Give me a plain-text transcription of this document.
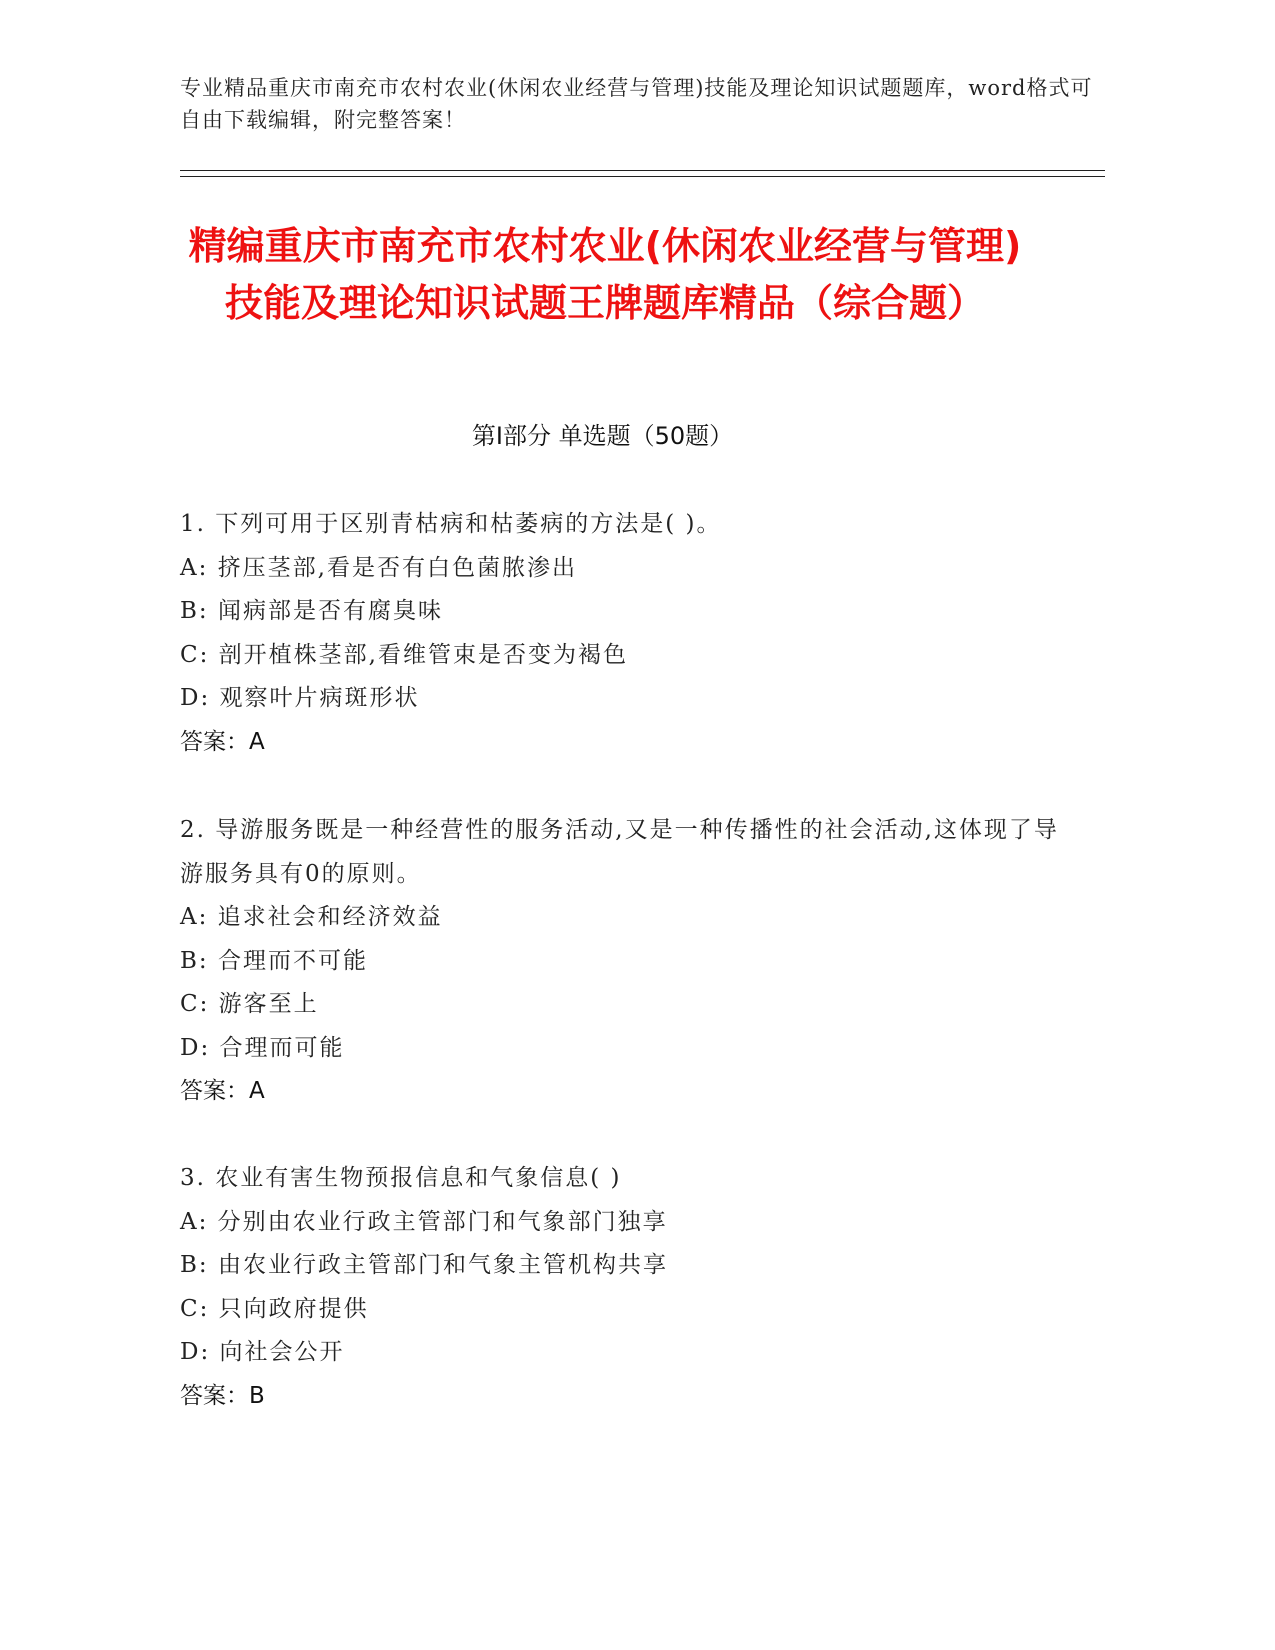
专业精品重庆市南充市农村农业(休闲农业经营与管理)技能及理论知识试题题库，word格式可自由下载编辑，附完整答案！
精编重庆市南充市农村农业(休闲农业经营与管理)技能及理论知识试题王牌题库精品（综合题）
第Ⅰ部分 单选题（50题）
1. 下列可用于区别青枯病和枯萎病的方法是( )。
A: 挤压茎部,看是否有白色菌脓渗出
B: 闻病部是否有腐臭味
C: 剖开植株茎部,看维管束是否变为褐色
D: 观察叶片病斑形状
答案：A
2. 导游服务既是一种经营性的服务活动,又是一种传播性的社会活动,这体现了导游服务具有0的原则。
A: 追求社会和经济效益
B: 合理而不可能
C: 游客至上
D: 合理而可能
答案：A
3. 农业有害生物预报信息和气象信息( )
A: 分别由农业行政主管部门和气象部门独享
B: 由农业行政主管部门和气象主管机构共享
C: 只向政府提供
D: 向社会公开
答案：B
